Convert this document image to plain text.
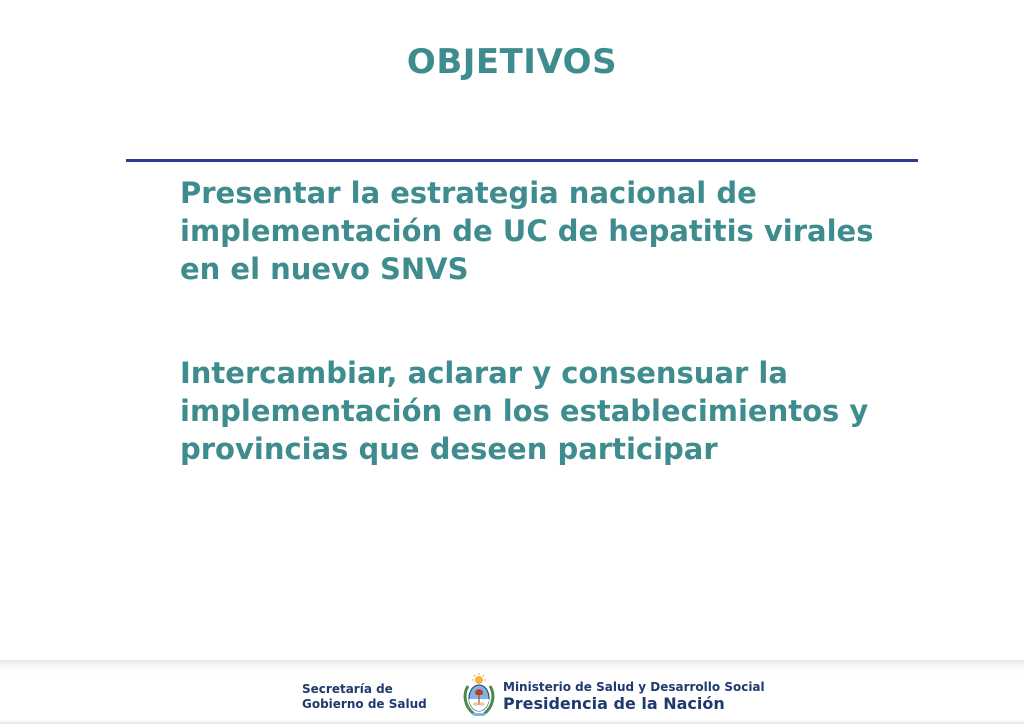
OBJETIVOS

Presentar la estrategia nacional de implementación de UC de hepatitis virales en el nuevo SNVS

Intercambiar, aclarar y consensuar la implementación en los establecimientos y provincias que deseen participar

Secretaría de
Gobierno de Salud
Ministerio de Salud y Desarrollo Social
Presidencia de la Nación
